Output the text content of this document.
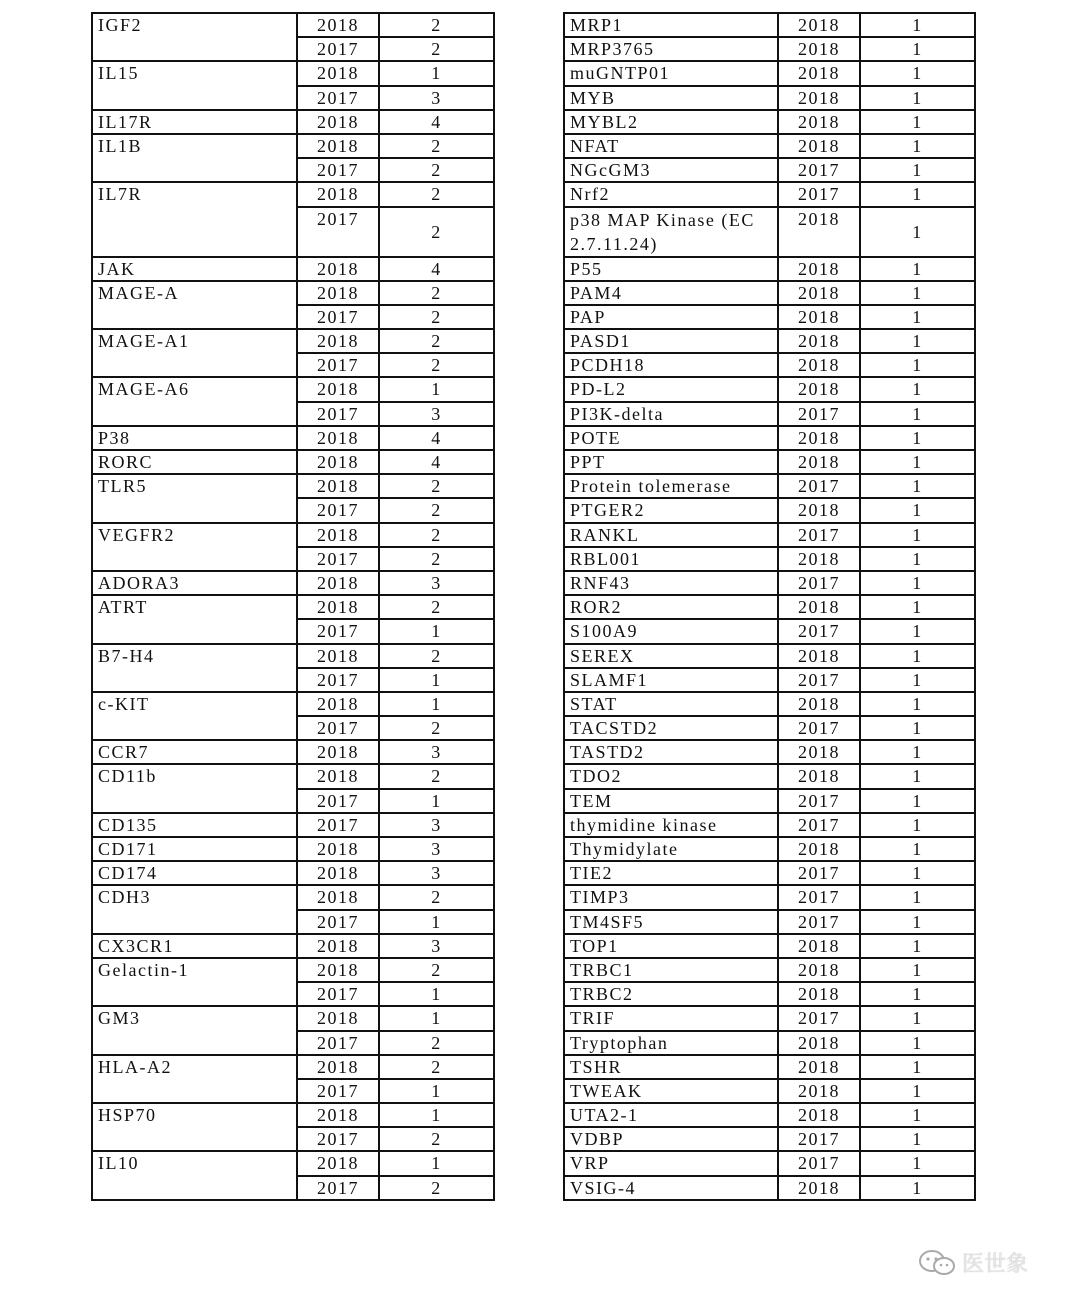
IGF2	2018	2
	2017	2
IL15	2018	1
	2017	3
IL17R	2018	4
IL1B	2018	2
	2017	2
IL7R	2018	2
	2017	2
JAK	2018	4
MAGE-A	2018	2
	2017	2
MAGE-A1	2018	2
	2017	2
MAGE-A6	2018	1
	2017	3
P38	2018	4
RORC	2018	4
TLR5	2018	2
	2017	2
VEGFR2	2018	2
	2017	2
ADORA3	2018	3
ATRT	2018	2
	2017	1
B7-H4	2018	2
	2017	1
c-KIT	2018	1
	2017	2
CCR7	2018	3
CD11b	2018	2
	2017	1
CD135	2017	3
CD171	2018	3
CD174	2018	3
CDH3	2018	2
	2017	1
CX3CR1	2018	3
Gelactin-1	2018	2
	2017	1
GM3	2018	1
	2017	2
HLA-A2	2018	2
	2017	1
HSP70	2018	1
	2017	2
IL10	2018	1
	2017	2
MRP1	2018	1
MRP3765	2018	1
muGNTP01	2018	1
MYB	2018	1
MYBL2	2018	1
NFAT	2018	1
NGcGM3	2017	1
Nrf2	2017	1
p38 MAP Kinase (EC 2.7.11.24)	2018	1
P55	2018	1
PAM4	2018	1
PAP	2018	1
PASD1	2018	1
PCDH18	2018	1
PD-L2	2018	1
PI3K-delta	2017	1
POTE	2018	1
PPT	2018	1
Protein tolemerase	2017	1
PTGER2	2018	1
RANKL	2017	1
RBL001	2018	1
RNF43	2017	1
ROR2	2018	1
S100A9	2017	1
SEREX	2018	1
SLAMF1	2017	1
STAT	2018	1
TACSTD2	2017	1
TASTD2	2018	1
TDO2	2018	1
TEM	2017	1
thymidine kinase	2017	1
Thymidylate	2018	1
TIE2	2017	1
TIMP3	2017	1
TM4SF5	2017	1
TOP1	2018	1
TRBC1	2018	1
TRBC2	2018	1
TRIF	2017	1
Tryptophan	2018	1
TSHR	2018	1
TWEAK	2018	1
UTA2-1	2018	1
VDBP	2017	1
VRP	2017	1
VSIG-4	2018	1
医世象
